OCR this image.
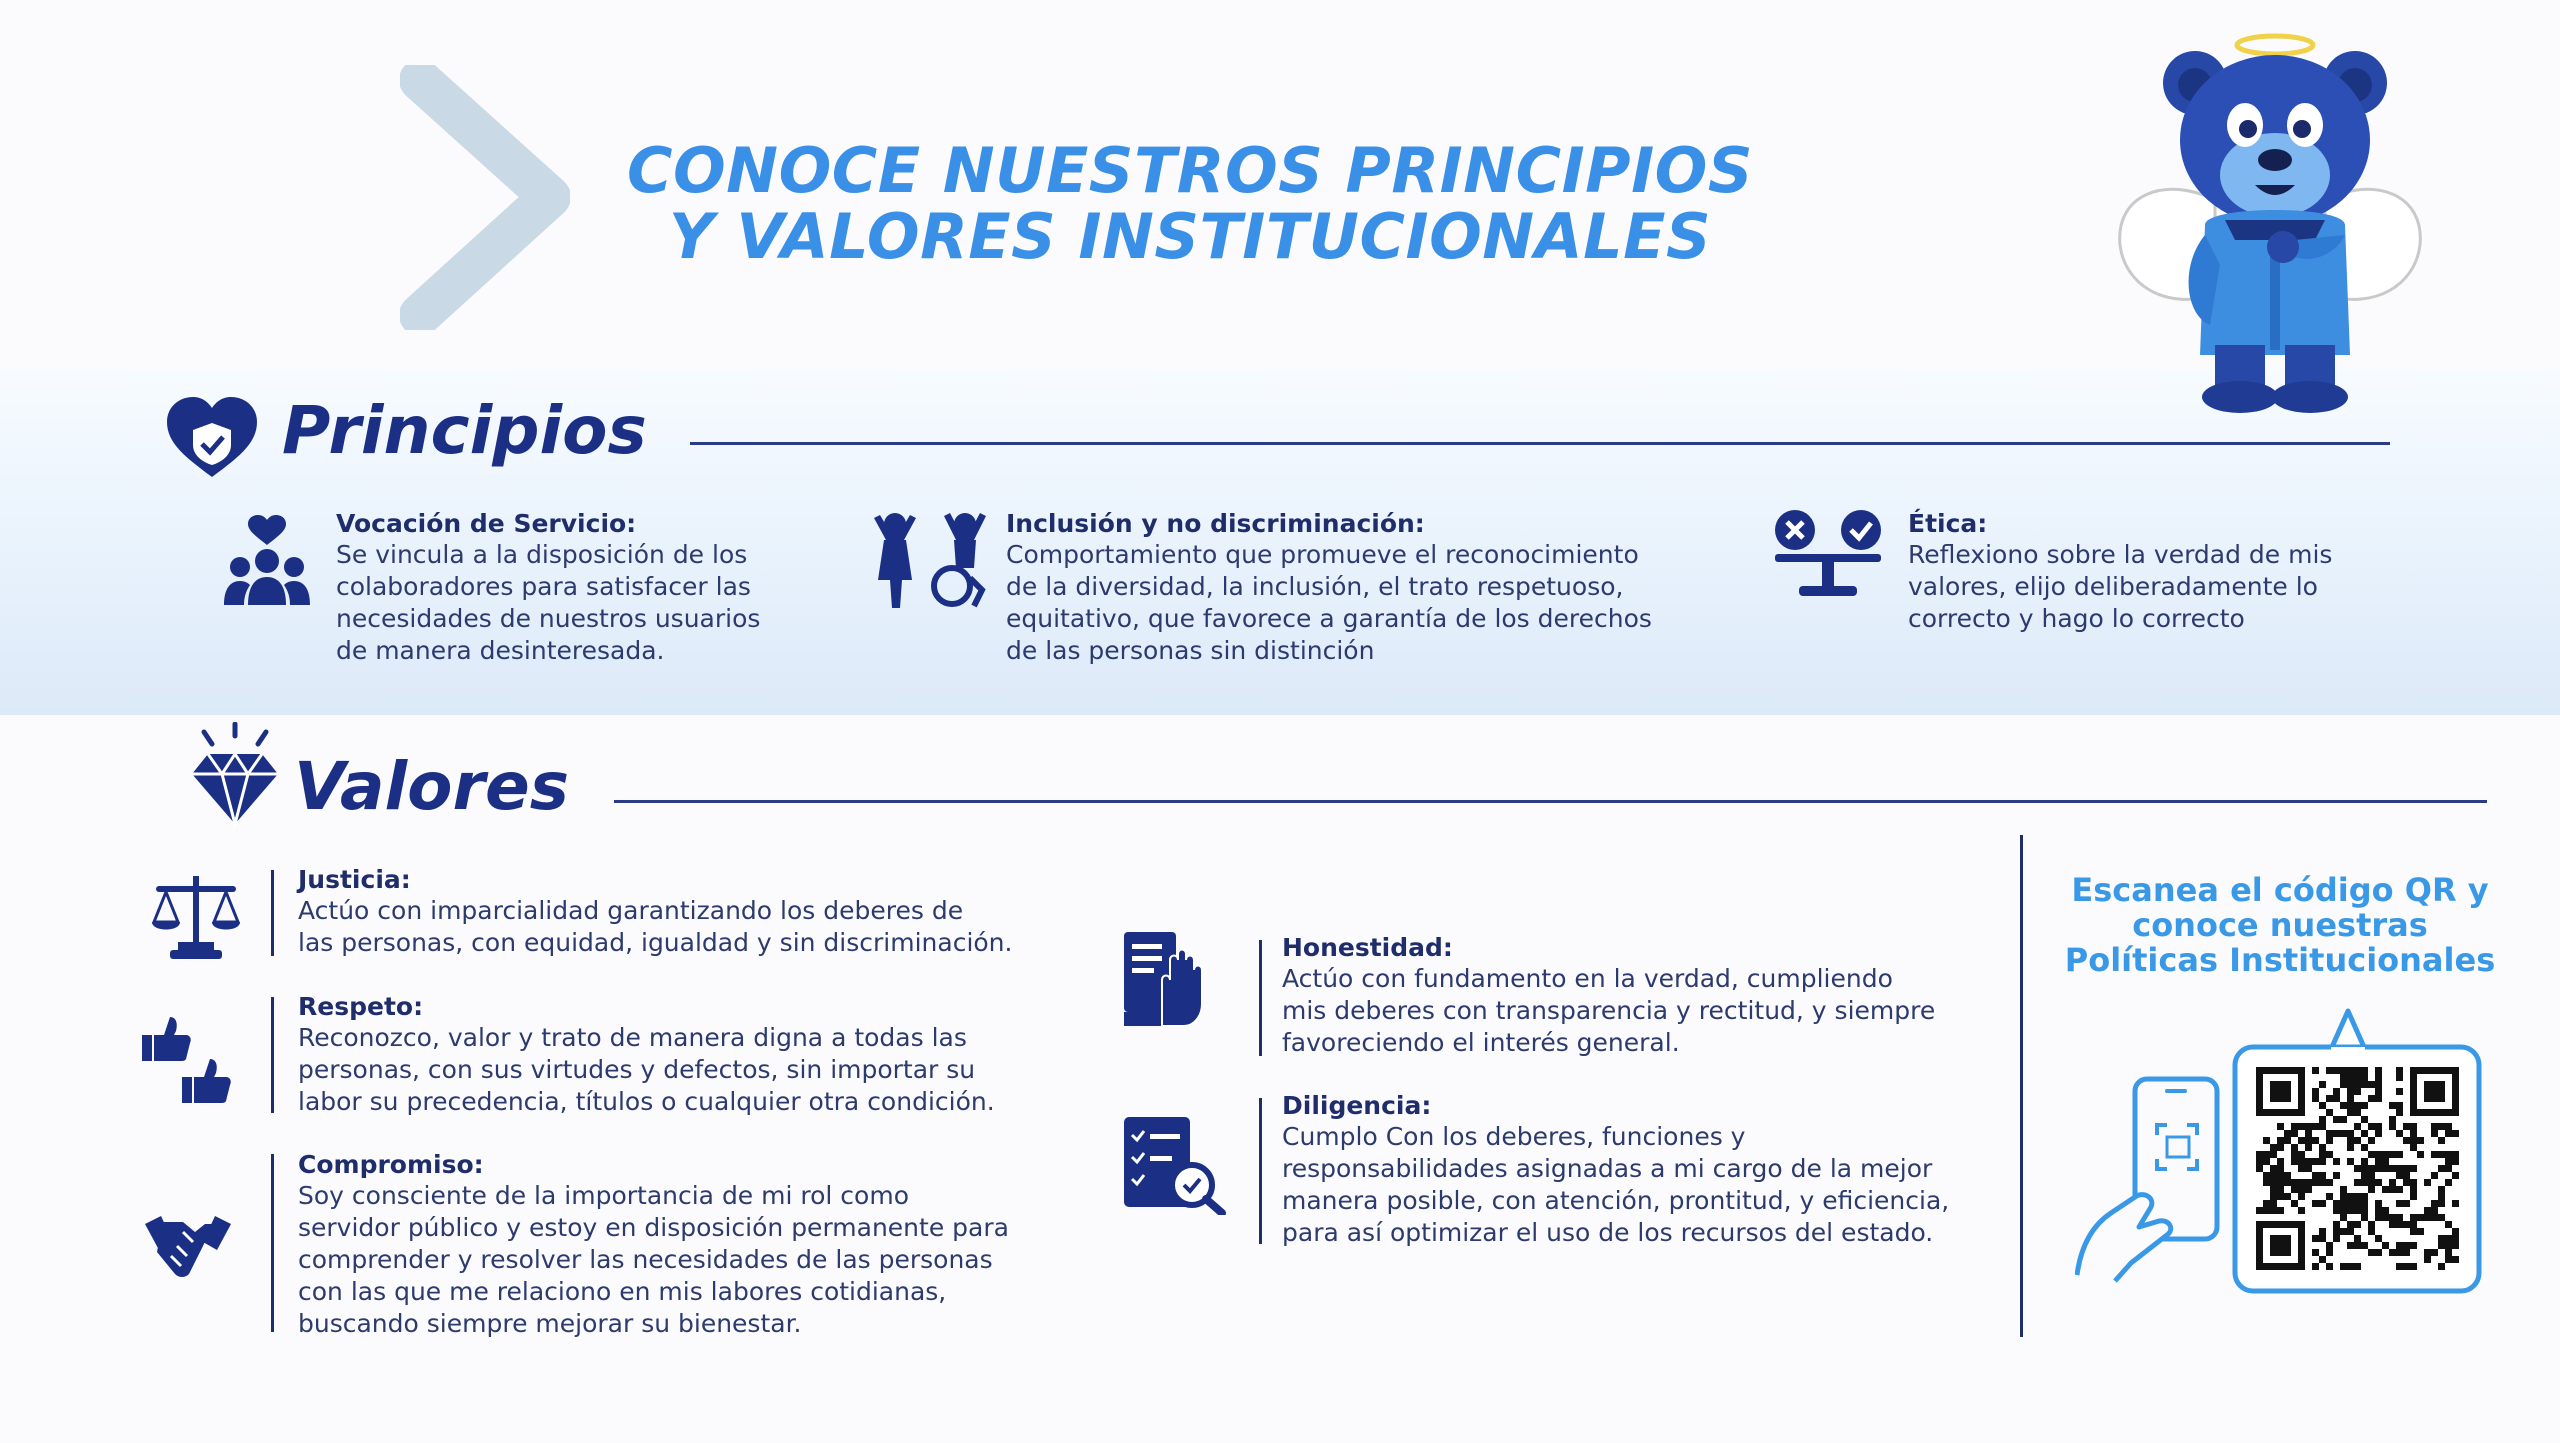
CONOCE NUESTROS PRINCIPIOS
Y VALORES INSTITUCIONALES
Principios
Vocación de Servicio:
Se vincula a la disposición de los
colaboradores para satisfacer las
necesidades de nuestros usuarios
de manera desinteresada.
Inclusión y no discriminación:
Comportamiento que promueve el reconocimiento
de la diversidad, la inclusión, el trato respetuoso,
equitativo, que favorece a garantía de los derechos
de las personas sin distinción
Ética:
Reflexiono sobre la verdad de mis
valores, elijo deliberadamente lo
correcto y hago lo correcto
Valores
Justicia:
Actúo con imparcialidad garantizando los deberes de
las personas, con equidad, igualdad y sin discriminación.
Respeto:
Reconozco, valor y trato de manera digna a todas las
personas, con sus virtudes y defectos, sin importar su
labor su precedencia, títulos o cualquier otra condición.
Compromiso:
Soy consciente de la importancia de mi rol como
servidor público y estoy en disposición permanente para
comprender y resolver las necesidades de las personas
con las que me relaciono en mis labores cotidianas,
buscando siempre mejorar su bienestar.
Honestidad:
Actúo con fundamento en la verdad, cumpliendo
mis deberes con transparencia y rectitud, y siempre
favoreciendo el interés general.
Diligencia:
Cumplo Con los deberes, funciones y
responsabilidades asignadas a mi cargo de la mejor
manera posible, con atención, prontitud, y eficiencia,
para así optimizar el uso de los recursos del estado.
Escanea el código QR y
conoce nuestras
Políticas Institucionales
